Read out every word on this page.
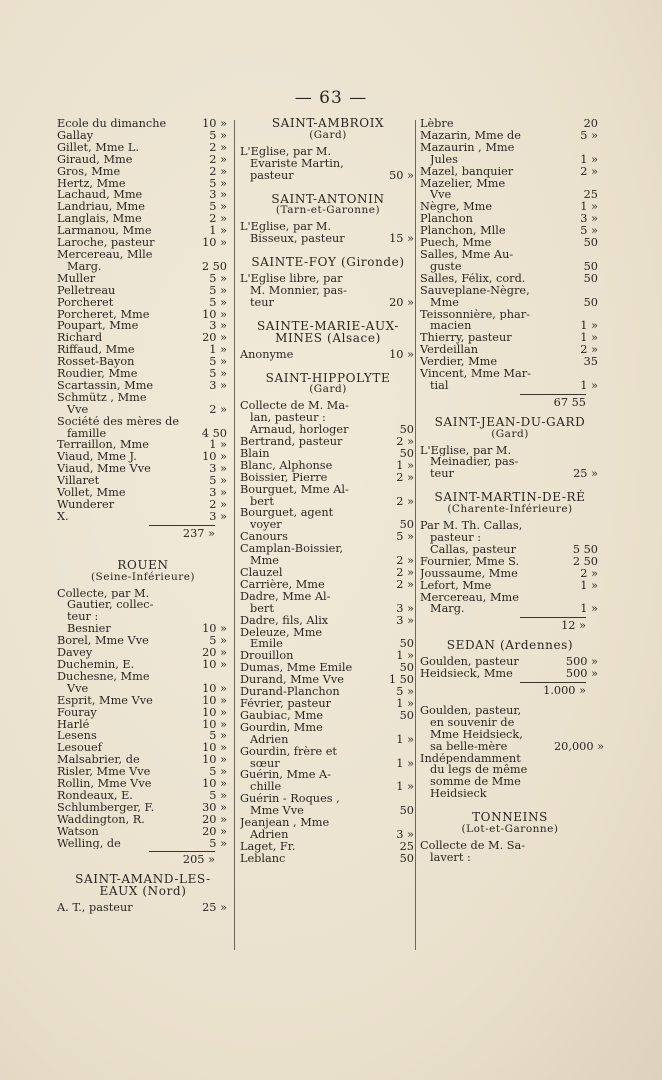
— 63 —
Ecole du dimanche	10 »
Gallay	5 »
Gillet, Mme L.	2 »
Giraud, Mme	2 »
Gros, Mme	2 »
Hertz, Mme	5 »
Lachaud, Mme	3 »
Landriau, Mme	5 »
Langlais, Mme	2 »
Larmanou, Mme	1 »
Laroche, pasteur	10 »
Mercereau, Mlle
Marg.	2 50
Muller	5 »
Pelletreau	5 »
Porcheret	5 »
Porcheret, Mme	10 »
Poupart, Mme	3 »
Richard	20 »
Riffaud, Mme	1 »
Rosset-Bayon	5 »
Roudier, Mme	5 »
Scartassin, Mme	3 »
Schmütz , Mme
Vve	2 »
Société des mères de
famille	4 50
Terraillon, Mme	1 »
Viaud, Mme J.	10 »
Viaud, Mme Vve	3 »
Villaret	5 »
Vollet, Mme	3 »
Wunderer	2 »
X.	3 »
237 »
ROUEN
(Seine-Inférieure)
Collecte, par M.
Gautier, collec-
teur :
Besnier	10 »
Borel, Mme Vve	5 »
Davey	20 »
Duchemin, E.	10 »
Duchesne, Mme
Vve	10 »
Esprit, Mme Vve	10 »
Fouray	10 »
Harlé	10 »
Lesens	5 »
Lesouef	10 »
Malsabrier, de	10 »
Risler, Mme Vve	5 »
Rollin, Mme Vve	10 »
Rondeaux, E.	5 »
Schlumberger, F.	30 »
Waddington, R.	20 »
Watson	20 »
Welling, de	5 »
205 »
SAINT-AMAND-LES-
EAUX (Nord)
A. T., pasteur	25 »
SAINT-AMBROIX
(Gard)
L'Eglise, par M.
Evariste Martin,
pasteur	50 »
SAINT-ANTONIN
(Tarn-et-Garonne)
L'Eglise, par M.
Bisseux, pasteur	15 »
SAINTE-FOY (Gironde)
L'Eglise libre, par
M. Monnier, pas-
teur	20 »
SAINTE-MARIE-AUX-
MINES (Alsace)
Anonyme	10 »
SAINT-HIPPOLYTE
(Gard)
Collecte de M. Ma-
lan, pasteur :
Arnaud, horloger	50
Bertrand, pasteur	2 »
Blain	50
Blanc, Alphonse	1 »
Boissier, Pierre	2 »
Bourguet, Mme Al-
bert	2 »
Bourguet, agent
voyer	50
Canours	5 »
Camplan-Boissier,
Mme	2 »
Clauzel	2 »
Carrière, Mme	2 »
Dadre, Mme Al-
bert	3 »
Dadre, fils, Alix	3 »
Deleuze, Mme
Emile	50
Drouillon	1 »
Dumas, Mme Emile	50
Durand, Mme Vve	1 50
Durand-Planchon	5 »
Février, pasteur	1 »
Gaubiac, Mme	50
Gourdin, Mme
Adrien	1 »
Gourdin, frère et
sœur	1 »
Guérin, Mme A-
chille	1 »
Guérin - Roques ,
Mme Vve	50
Jeanjean , Mme
Adrien	3 »
Laget, Fr.	25
Leblanc	50
Lèbre	20
Mazarin, Mme de	5 »
Mazaurin , Mme
Jules	1 »
Mazel, banquier	2 »
Mazelier, Mme
Vve	25
Nègre, Mme	1 »
Planchon	3 »
Planchon, Mlle	5 »
Puech, Mme	50
Salles, Mme Au-
guste	50
Salles, Félix, cord.	50
Sauveplane-Nègre,
Mme	50
Teissonnière, phar-
macien	1 »
Thierry, pasteur	1 »
Verdeillan	2 »
Verdier, Mme	35
Vincent, Mme Mar-
tial	1 »
67 55
SAINT-JEAN-DU-GARD
(Gard)
L'Eglise, par M.
Meinadier, pas-
teur	25 »
SAINT-MARTIN-DE-RÉ
(Charente-Inférieure)
Par M. Th. Callas,
pasteur :
Callas, pasteur	5 50
Fournier, Mme S.	2 50
Joussaume, Mme	2 »
Lefort, Mme	1 »
Mercereau, Mme
Marg.	1 »
12 »
SEDAN (Ardennes)
Goulden, pasteur	500 »
Heidsieck, Mme	500 »
1.000 »
Goulden, pasteur,
en souvenir de
Mme Heidsieck,
sa belle-mère	20,000 »
Indépendamment
du legs de même
somme de Mme
Heidsieck
TONNEINS
(Lot-et-Garonne)
Collecte de M. Sa-
lavert :
